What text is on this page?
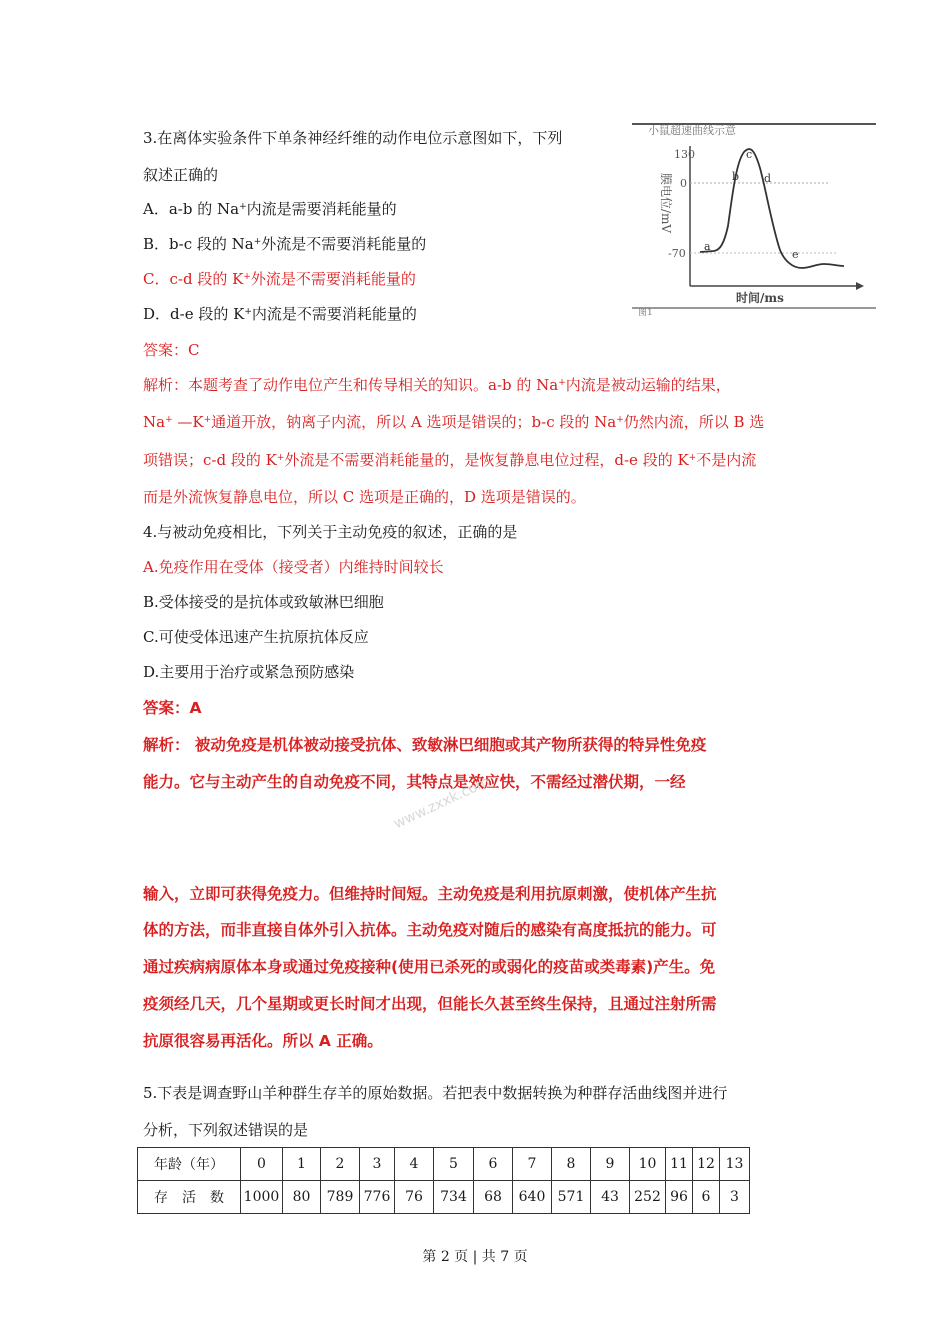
3.在离体实验条件下单条神经纤维的动作电位示意图如下，下列
叙述正确的
A．a-b 的 Na+内流是需要消耗能量的
B．b-c 段的 Na+外流是不需要消耗能量的
C．c-d 段的 K+外流是不需要消耗能量的
D．d-e 段的 K+内流是不需要消耗能量的
答案：C
解析：本题考查了动作电位产生和传导相关的知识。a-b 的 Na+内流是被动运输的结果，
Na+ —K+通道开放，钠离子内流，所以 A 选项是错误的；b-c 段的 Na+仍然内流，所以 B 选
项错误；c-d 段的 K+外流是不需要消耗能量的，是恢复静息电位过程，d-e 段的 K+不是内流
而是外流恢复静息电位，所以 C 选项是正确的，D 选项是错误的。
小鼠超速曲线示意
130
0
-70
膜电位/mV
时间/ms
a
b
c
d
e
图1
4.与被动免疫相比，下列关于主动免疫的叙述，正确的是
A.免疫作用在受体（接受者）内维持时间较长
B.受体接受的是抗体或致敏淋巴细胞
C.可使受体迅速产生抗原抗体反应
D.主要用于治疗或紧急预防感染
答案：A
解析： 被动免疫是机体被动接受抗体、致敏淋巴细胞或其产物所获得的特异性免疫
能力。它与主动产生的自动免疫不同，其特点是效应快，不需经过潜伏期，一经
www.zxxk.com
输入，立即可获得免疫力。但维持时间短。主动免疫是利用抗原刺激，使机体产生抗
体的方法，而非直接自体外引入抗体。主动免疫对随后的感染有高度抵抗的能力。可
通过疾病病原体本身或通过免疫接种(使用已杀死的或弱化的疫苗或类毒素)产生。免
疫须经几天，几个星期或更长时间才出现，但能长久甚至终生保持，且通过注射所需
抗原很容易再活化。所以 A 正确。
5.下表是调查野山羊种群生存羊的原始数据。若把表中数据转换为种群存活曲线图并进行
分析，下列叙述错误的是
年龄（年）	0	1	2	3	4	5	6	7	8	9	10	11	12	13
存　活　数	1000	80	789	776	76	734	68	640	571	43	252	96	6	3
第 2 页 | 共 7 页
